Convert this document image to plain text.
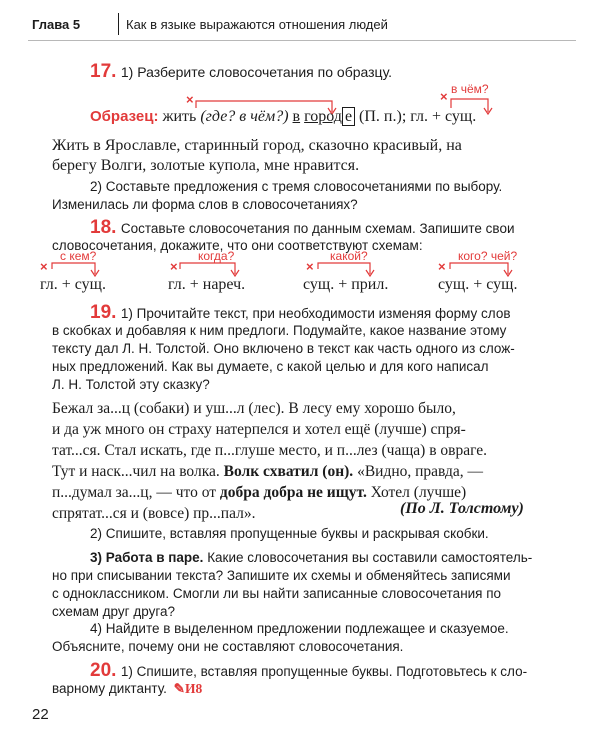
Глава 5	Как в языке выражаются отношения людей
17. 1) Разберите словосочетания по образцу.
×	× в чём?
Образец: жить (где? в чём?) в город е (П. п.); гл. + сущ.
Жить в Ярославле, старинный город, сказочно красивый, на
берегу Волги, золотые купола, мне нравится.
2) Составьте предложения с тремя словосочетаниями по выбору.
Изменилась ли форма слов в словосочетаниях?
18. Составьте словосочетания по данным схемам. Запишите свои
словосочетания, докажите, что они соответствуют схемам:
×
с кем?
гл. + сущ.
×
когда?
гл. + нареч.
×
какой?
сущ. + прил.
×
кого? чей?
сущ. + сущ.
19. 1) Прочитайте текст, при необходимости изменяя форму слов
в скобках и добавляя к ним предлоги. Подумайте, какое название этому
тексту дал Л. Н. Толстой. Оно включено в текст как часть одного из слож-
ных предложений. Как вы думаете, с какой целью и для кого написал
Л. Н. Толстой эту сказку?
Бежал за...ц (собаки) и уш...л (лес). В лесу ему хорошо было,
и да уж много он страху натерпелся и хотел ещё (лучше) спря-
тат...ся. Стал искать, где п...глуше место, и п...лез (чаща) в овраге.
Тут и наск...чил на волка. Волк схватил (он). «Видно, правда, —
п...думал за...ц, — что от добра добра не ищут. Хотел (лучше)
спрятат...ся и (вовсе) пр...пал».	(По Л. Толстому)
2) Спишите, вставляя пропущенные буквы и раскрывая скобки.
3) Работа в паре. Какие словосочетания вы составили самостоятель-
но при списывании текста? Запишите их схемы и обменяйтесь записями
с одноклассником. Смогли ли вы найти записанные словосочетания по
схемам друг друга?
4) Найдите в выделенном предложении подлежащее и сказуемое.
Объясните, почему они не составляют словосочетания.
20. 1) Спишите, вставляя пропущенные буквы. Подготовьтесь к сло-
варному диктанту. ✎И8
22
